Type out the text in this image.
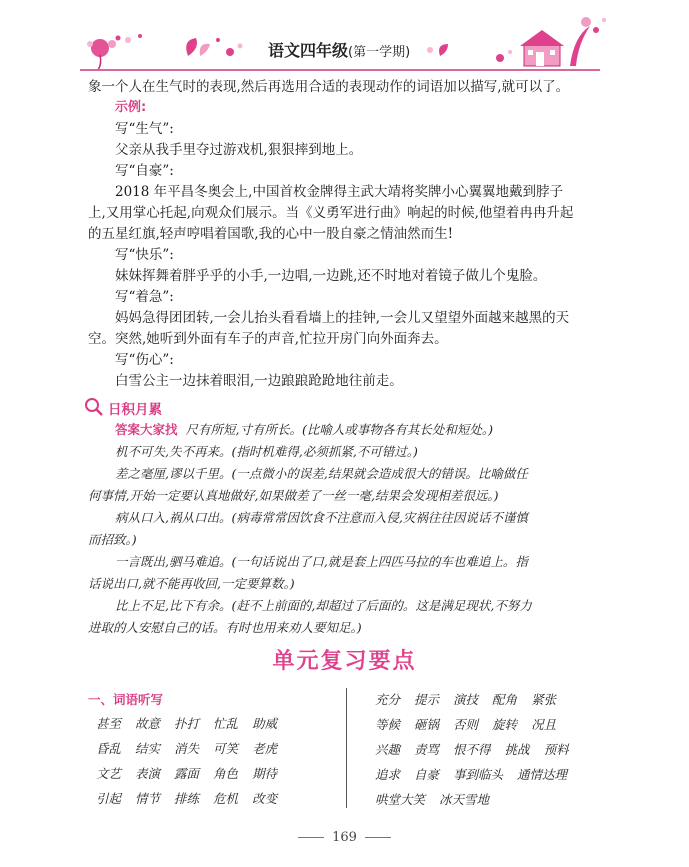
语文四年级(第一学期)
象一个人在生气时的表现,然后再选用合适的表现动作的词语加以描写,就可以了。
示例:
写“生气”:
父亲从我手里夺过游戏机,狠狠摔到地上。
写“自豪”:
2018 年平昌冬奥会上,中国首枚金牌得主武大靖将奖牌小心翼翼地戴到脖子
上,又用掌心托起,向观众们展示。当《义勇军进行曲》响起的时候,他望着冉冉升起
的五星红旗,轻声哼唱着国歌,我的心中一股自豪之情油然而生!
写“快乐”:
妹妹挥舞着胖乎乎的小手,一边唱,一边跳,还不时地对着镜子做儿个鬼脸。
写“着急”:
妈妈急得团团转,一会儿抬头看看墙上的挂钟,一会儿又望望外面越来越黑的天
空。突然,她听到外面有车子的声音,忙拉开房门向外面奔去。
写“伤心”:
白雪公主一边抹着眼泪,一边踉踉跄跄地往前走。
日积月累
答案大家找 尺有所短,寸有所长。(比喻人或事物各有其长处和短处。)
机不可失,失不再来。(指时机难得,必须抓紧,不可错过。)
差之毫厘,谬以千里。(一点微小的误差,结果就会造成很大的错误。比喻做任
何事情,开始一定要认真地做好,如果做差了一丝一毫,结果会发现相差很远。)
病从口入,祸从口出。(病毒常常因饮食不注意而入侵,灾祸往往因说话不谨慎
而招致。)
一言既出,驷马难追。(一句话说出了口,就是套上四匹马拉的车也难追上。指
话说出口,就不能再收回,一定要算数。)
比上不足,比下有余。(赶不上前面的,却超过了后面的。这是满足现状,不努力
进取的人安慰自己的话。有时也用来劝人要知足。)
单元复习要点
一、词语听写
甚至 故意 扑打 忙乱 助威
昏乱 结实 消失 可笑 老虎
文艺 表演 露面 角色 期待
引起 情节 排练 危机 改变
充分 提示 演技 配角 紧张
等候 砸锅 否则 旋转 况且
兴趣 责骂 恨不得 挑战 预料
追求 自豪 事到临头 通情达理
哄堂大笑 冰天雪地
169
